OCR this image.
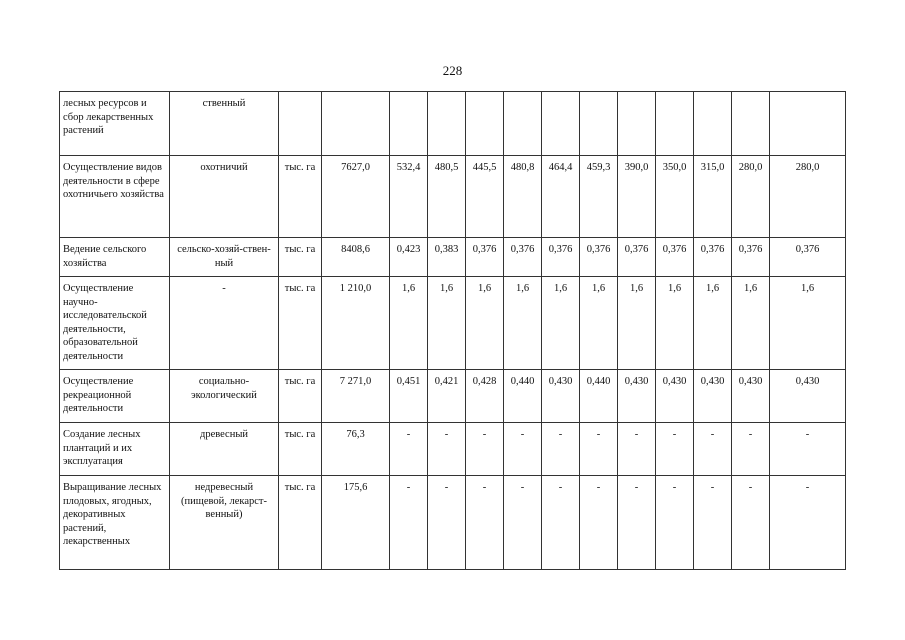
228
лесных ресурсов и сбор лекарственных растений	ственный													
Осуществление видов деятельности в сфере охотничьего хозяйства	охотничий	тыс. га	7627,0	532,4	480,5	445,5	480,8	464,4	459,3	390,0	350,0	315,0	280,0	280,0
Ведение сельского хозяйства	сельско-хозяй-ствен-ный	тыс. га	8408,6	0,423	0,383	0,376	0,376	0,376	0,376	0,376	0,376	0,376	0,376	0,376
Осуществление научно-исследовательской деятельности, образовательной деятельности	-	тыс. га	1 210,0	1,6	1,6	1,6	1,6	1,6	1,6	1,6	1,6	1,6	1,6	1,6
Осуществление рекреационной деятельности	социально-экологический	тыс. га	7 271,0	0,451	0,421	0,428	0,440	0,430	0,440	0,430	0,430	0,430	0,430	0,430
Создание лесных плантаций и их эксплуатация	древесный	тыс. га	76,3	-	-	-	-	-	-	-	-	-	-	-
Выращивание лесных плодовых, ягодных, декоративных растений, лекарственных	недревесный (пищевой, лекарст-венный)	тыс. га	175,6	-	-	-	-	-	-	-	-	-	-	-
